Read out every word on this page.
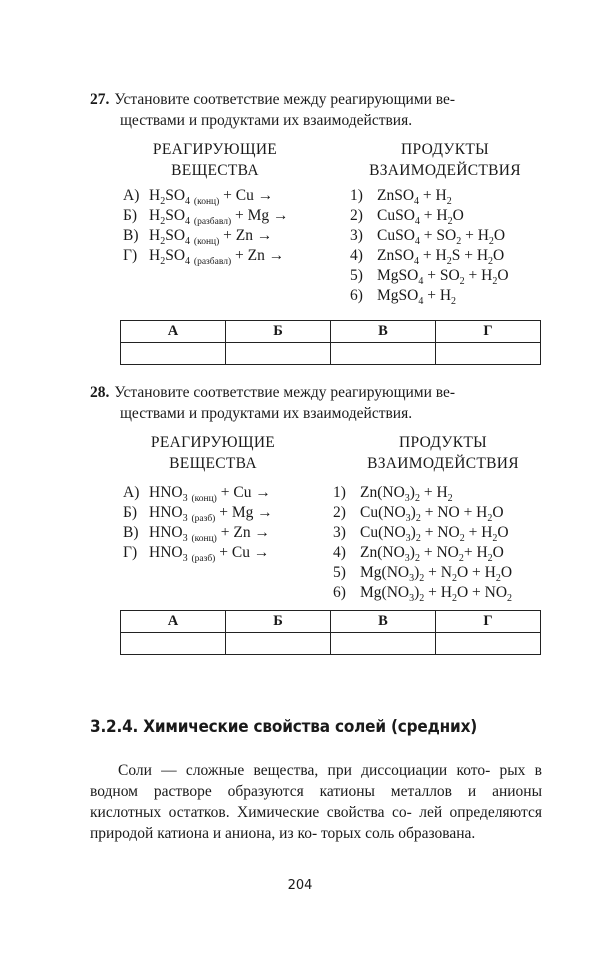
27. Установите соответствие между реагирующими ве-
ществами и продуктами их взаимодействия.
РЕАГИРУЮЩИЕ
ВЕЩЕСТВА
ПРОДУКТЫ
ВЗАИМОДЕЙСТВИЯ
А) $H_2SO_4$ $_{(конц)}$ + Cu →
Б) $H_2SO_4$ $_{(разбавл)}$ + Mg →
В) $H_2SO_4$ $_{(конц)}$ + Zn →
Г) $H_2SO_4$ $_{(разбавл)}$ + Zn →
1) ZnSO$_4$ + $H_2$
2) CuSO$_4$ + $H_2O$
3) CuSO$_4$ + $SO_2 + H_2O$
4) ZnSO$_4$ + $H_2S + H_2O$
5) MgSO$_4$ + $SO_2 + H_2O$
6) MgSO$_4$ + $H_2$
А	Б	В	Г

28. Установите соответствие между реагирующими ве-
ществами и продуктами их взаимодействия.
РЕАГИРУЮЩИЕ
ВЕЩЕСТВА
ПРОДУКТЫ
ВЗАИМОДЕЙСТВИЯ
А) $HNO_3$ $_{(конц)}$ + Cu →
Б) $HNO_3$ $_{(разб)}$ + Mg →
В) $HNO_3$ $_{(конц)}$ + Zn →
Г) $HNO_3$ $_{(разб)}$ + Cu →
1) $Zn(NO_3)_2 + H_2$
2) $Cu(NO_3)_2$ + NO + $H_2O$
3) $Cu(NO_3)_2 + NO_2 + H_2O$
4) $Zn(NO_3)_2 + NO_2+ H_2O$
5) $Mg(NO_3)_2 + N_2O + H_2O$
6) $Mg(NO_3)_2 + H_2O + NO_2$
А	Б	В	Г

3.2.4. Химические свойства солей (средних)
Соли — сложные вещества, при диссоциации кото- рых в водном растворе образуются катионы металлов и анионы кислотных остатков. Химические свойства со- лей определяются природой катиона и аниона, из ко- торых соль образована.
204
